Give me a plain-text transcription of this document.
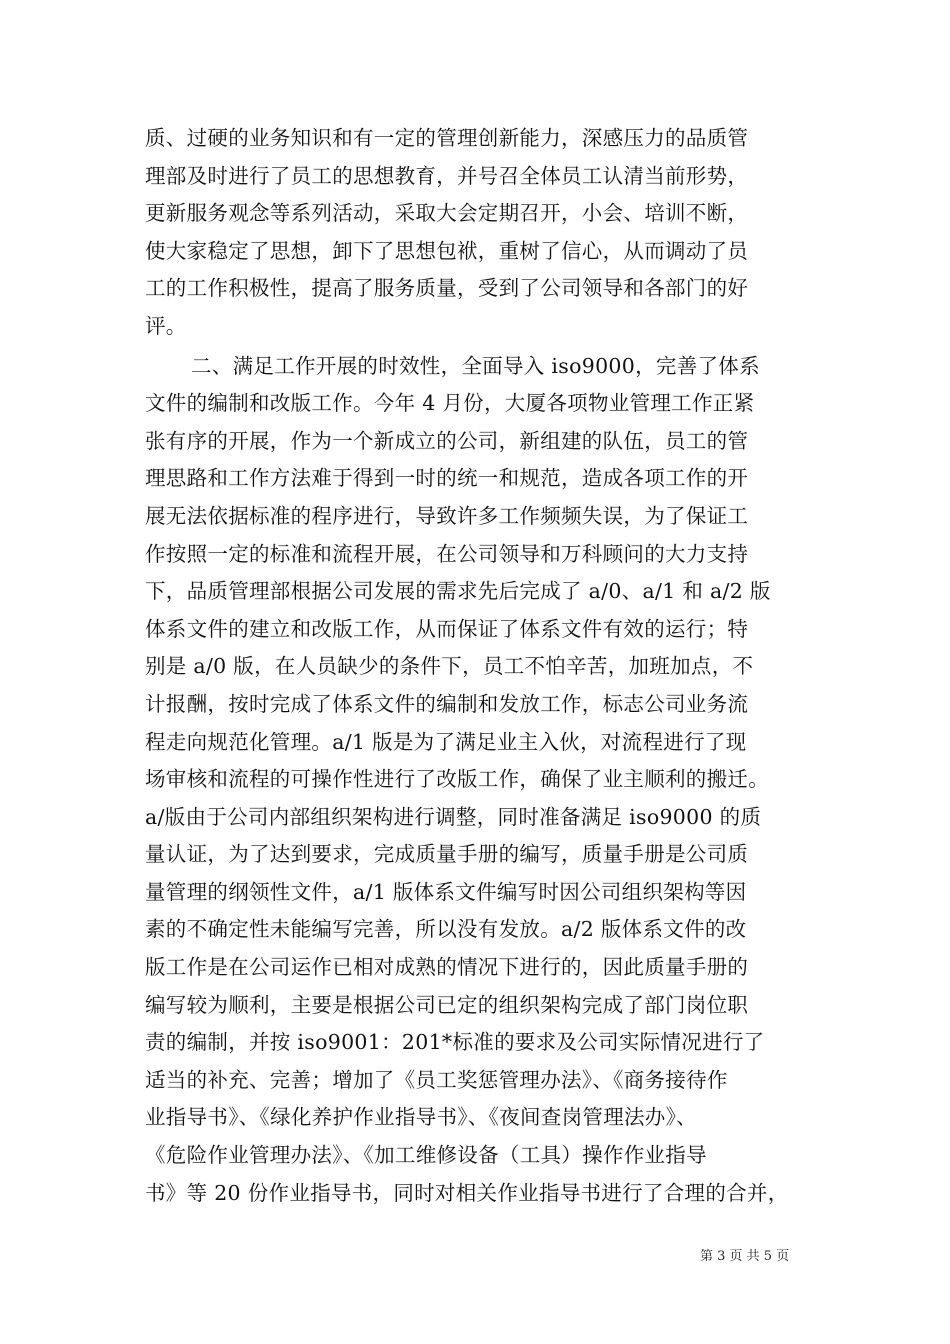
质、过硬的业务知识和有一定的管理创新能力，深感压力的品质管
理部及时进行了员工的思想教育，并号召全体员工认清当前形势，
更新服务观念等系列活动，采取大会定期召开，小会、培训不断，
使大家稳定了思想，卸下了思想包袱，重树了信心，从而调动了员
工的工作积极性，提高了服务质量，受到了公司领导和各部门的好
评。
二、满足工作开展的时效性，全面导入 iso9000，完善了体系
文件的编制和改版工作。今年 4 月份，大厦各项物业管理工作正紧
张有序的开展，作为一个新成立的公司，新组建的队伍，员工的管
理思路和工作方法难于得到一时的统一和规范，造成各项工作的开
展无法依据标准的程序进行，导致许多工作频频失误，为了保证工
作按照一定的标准和流程开展，在公司领导和万科顾问的大力支持
下，品质管理部根据公司发展的需求先后完成了 a/0、a/1 和 a/2 版
体系文件的建立和改版工作，从而保证了体系文件有效的运行；特
别是 a/0 版，在人员缺少的条件下，员工不怕辛苦，加班加点，不
计报酬，按时完成了体系文件的编制和发放工作，标志公司业务流
程走向规范化管理。a/1 版是为了满足业主入伙，对流程进行了现
场审核和流程的可操作性进行了改版工作，确保了业主顺利的搬迁。
a/版由于公司内部组织架构进行调整，同时准备满足 iso9000 的质
量认证，为了达到要求，完成质量手册的编写，质量手册是公司质
量管理的纲领性文件，a/1 版体系文件编写时因公司组织架构等因
素的不确定性未能编写完善，所以没有发放。a/2 版体系文件的改
版工作是在公司运作已相对成熟的情况下进行的，因此质量手册的
编写较为顺利，主要是根据公司已定的组织架构完成了部门岗位职
责的编制，并按 iso9001：201*标准的要求及公司实际情况进行了
适当的补充、完善；增加了《员工奖惩管理办法》、《商务接待作
业指导书》、《绿化养护作业指导书》、《夜间查岗管理法办》、
《危险作业管理办法》、《加工维修设备（工具）操作作业指导
书》等 20 份作业指导书，同时对相关作业指导书进行了合理的合并，
第 3 页 共 5 页
